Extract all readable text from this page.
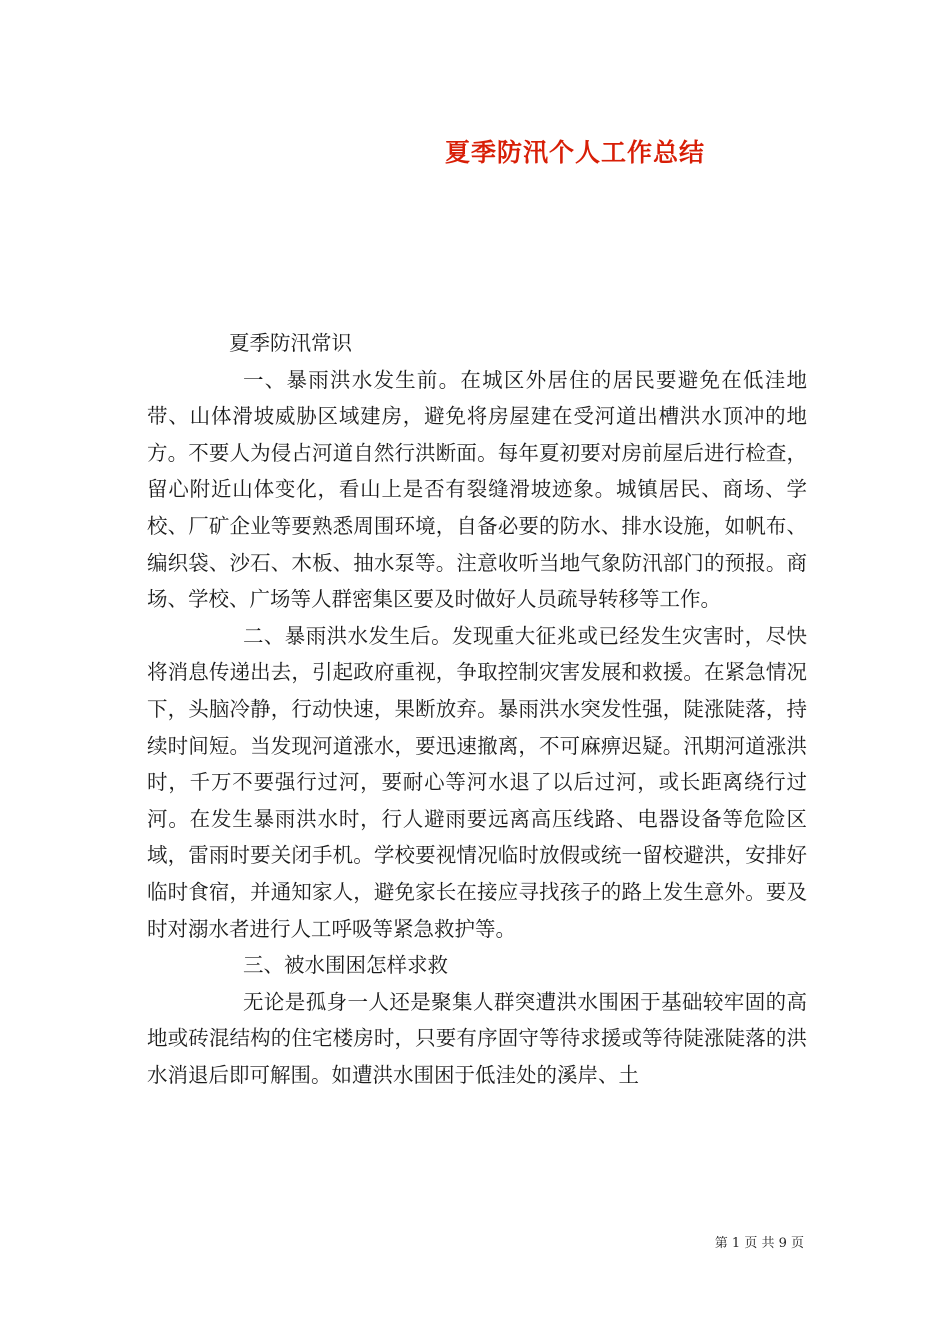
夏季防汛个人工作总结

夏季防汛常识

一、暴雨洪水发生前。在城区外居住的居民要避免在低洼地带、山体滑坡威胁区域建房，避免将房屋建在受河道出槽洪水顶冲的地方。不要人为侵占河道自然行洪断面。每年夏初要对房前屋后进行检查，留心附近山体变化，看山上是否有裂缝滑坡迹象。城镇居民、商场、学校、厂矿企业等要熟悉周围环境，自备必要的防水、排水设施，如帆布、编织袋、沙石、木板、抽水泵等。注意收听当地气象防汛部门的预报。商场、学校、广场等人群密集区要及时做好人员疏导转移等工作。

二、暴雨洪水发生后。发现重大征兆或已经发生灾害时，尽快将消息传递出去，引起政府重视，争取控制灾害发展和救援。在紧急情况下，头脑冷静，行动快速，果断放弃。暴雨洪水突发性强，陡涨陡落，持续时间短。当发现河道涨水，要迅速撤离，不可麻痹迟疑。汛期河道涨洪时，千万不要强行过河，要耐心等河水退了以后过河，或长距离绕行过河。在发生暴雨洪水时，行人避雨要远离高压线路、电器设备等危险区域，雷雨时要关闭手机。学校要视情况临时放假或统一留校避洪，安排好临时食宿，并通知家人，避免家长在接应寻找孩子的路上发生意外。要及时对溺水者进行人工呼吸等紧急救护等。

三、被水围困怎样求救

无论是孤身一人还是聚集人群突遭洪水围困于基础较牢固的高地或砖混结构的住宅楼房时，只要有序固守等待求援或等待陡涨陡落的洪水消退后即可解围。如遭洪水围困于低洼处的溪岸、土

第 1 页 共 9 页
